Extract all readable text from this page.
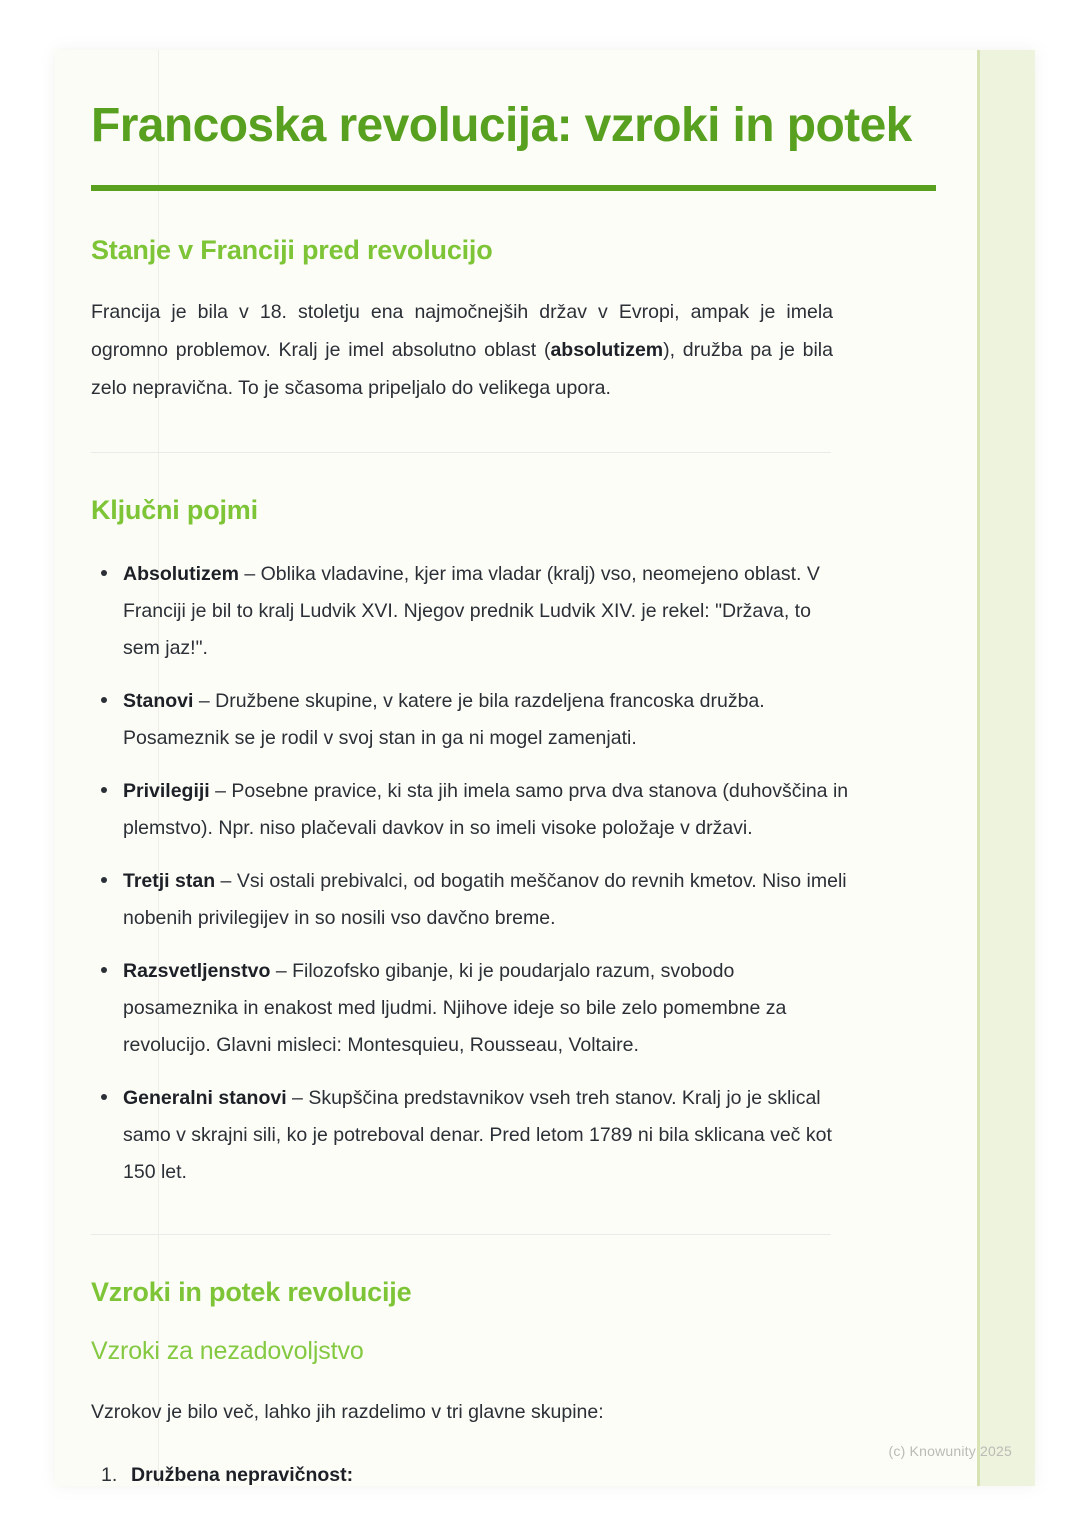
Francoska revolucija: vzroki in potek
Stanje v Franciji pred revolucijo

Francija je bila v 18. stoletju ena najmočnejših držav v Evropi, ampak je imela ogromno problemov. Kralj je imel absolutno oblast (absolutizem), družba pa je bila zelo nepravična. To je sčasoma pripeljalo do velikega upora.

Ključni pojmi
Absolutizem – Oblika vladavine, kjer ima vladar (kralj) vso, neomejeno oblast. V Franciji je bil to kralj Ludvik XVI. Njegov prednik Ludvik XIV. je rekel: "Država, to sem jaz!".
Stanovi – Družbene skupine, v katere je bila razdeljena francoska družba. Posameznik se je rodil v svoj stan in ga ni mogel zamenjati.
Privilegiji – Posebne pravice, ki sta jih imela samo prva dva stanova (duhovščina in plemstvo). Npr. niso plačevali davkov in so imeli visoke položaje v državi.
Tretji stan – Vsi ostali prebivalci, od bogatih meščanov do revnih kmetov. Niso imeli nobenih privilegijev in so nosili vso davčno breme.
Razsvetljenstvo – Filozofsko gibanje, ki je poudarjalo razum, svobodo posameznika in enakost med ljudmi. Njihove ideje so bile zelo pomembne za revolucijo. Glavni misleci: Montesquieu, Rousseau, Voltaire.
Generalni stanovi – Skupščina predstavnikov vseh treh stanov. Kralj jo je sklical samo v skrajni sili, ko je potreboval denar. Pred letom 1789 ni bila sklicana več kot 150 let.
Vzroki in potek revolucije
Vzroki za nezadovoljstvo

Vzrokov je bilo več, lahko jih razdelimo v tri glavne skupine:

Družbena nepravičnost:
(c) Knowunity 2025
